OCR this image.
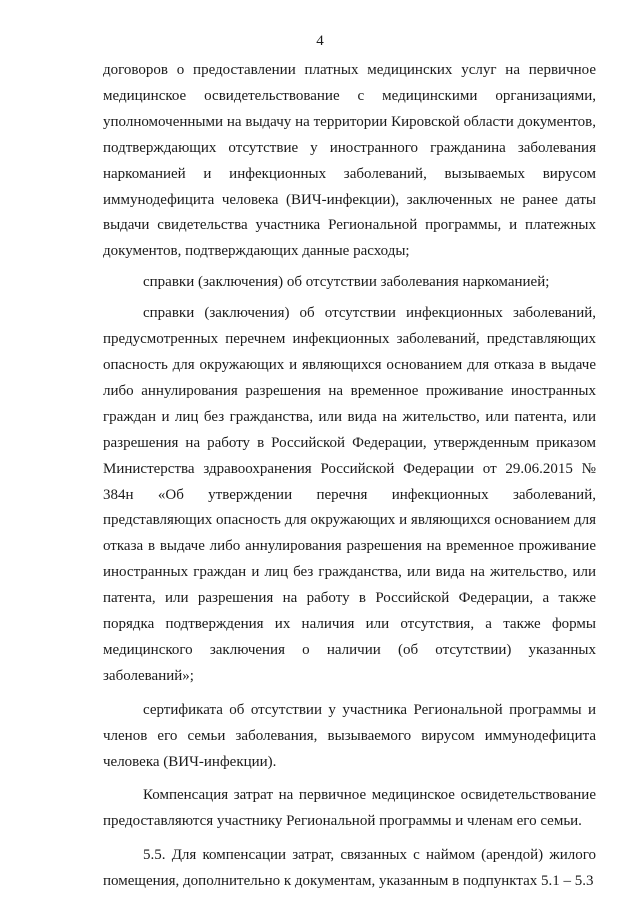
4

договоров о предоставлении платных медицинских услуг на первичное медицинское освидетельствование с медицинскими организациями, уполномоченными на выдачу на территории Кировской области документов, подтверждающих отсутствие у иностранного гражданина заболевания наркоманией и инфекционных заболеваний, вызываемых вирусом иммунодефицита человека (ВИЧ-инфекции), заключенных не ранее даты выдачи свидетельства участника Региональной программы, и платежных документов, подтверждающих данные расходы;

справки (заключения) об отсутствии заболевания наркоманией;

справки (заключения) об отсутствии инфекционных заболеваний, предусмотренных перечнем инфекционных заболеваний, представляющих опасность для окружающих и являющихся основанием для отказа в выдаче либо аннулирования разрешения на временное проживание иностранных граждан и лиц без гражданства, или вида на жительство, или патента, или разрешения на работу в Российской Федерации, утвержденным приказом Министерства здравоохранения Российской Федерации от 29.06.2015 № 384н «Об утверждении перечня инфекционных заболеваний, представляющих опасность для окружающих и являющихся основанием для отказа в выдаче либо аннулирования разрешения на временное проживание иностранных граждан и лиц без гражданства, или вида на жительство, или патента, или разрешения на работу в Российской Федерации, а также порядка подтверждения их наличия или отсутствия, а также формы медицинского заключения о наличии (об отсутствии) указанных заболеваний»;

сертификата об отсутствии у участника Региональной программы и членов его семьи заболевания, вызываемого вирусом иммунодефицита человека (ВИЧ-инфекции).

Компенсация затрат на первичное медицинское освидетельствование предоставляются участнику Региональной программы и членам его семьи.

5.5. Для компенсации затрат, связанных с наймом (арендой) жилого помещения, дополнительно к документам, указанным в подпунктах 5.1 – 5.3
